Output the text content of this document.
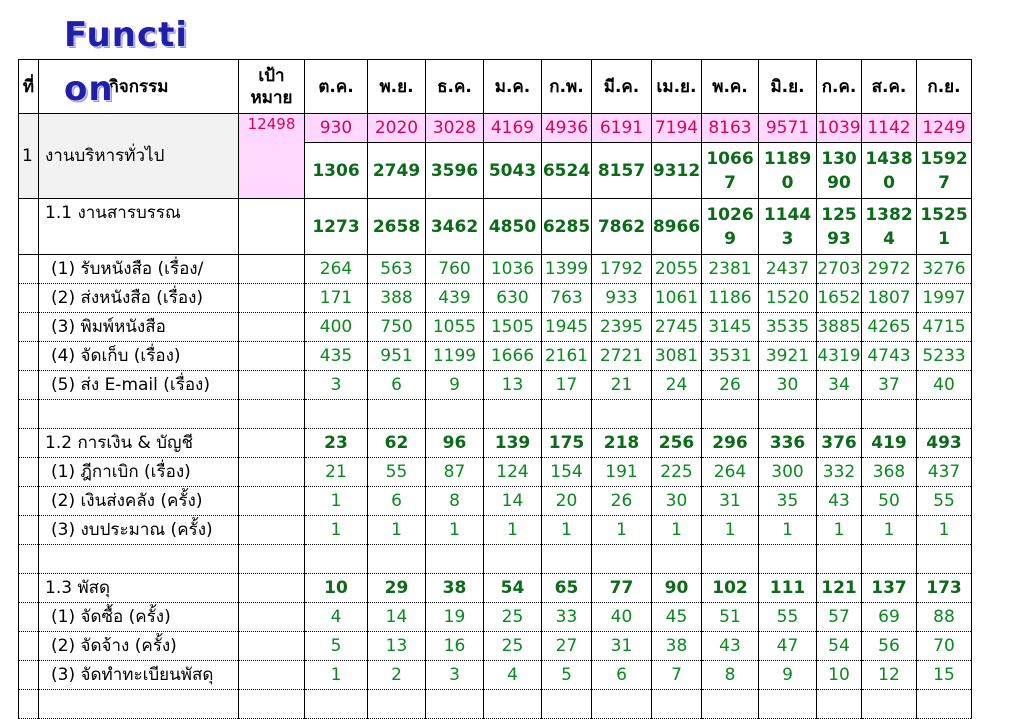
Function
ที่	กิจกรรม	เป้าหมาย	ต.ค.	พ.ย.	ธ.ค.	ม.ค.	ก.พ.	มี.ค.	เม.ย.	พ.ค.	มิ.ย.	ก.ค.	ส.ค.	ก.ย.
1	งานบริหารทั่วไป	12498	930	2020	3028	4169	4936	6191	7194	8163	9571	1039	1142	1249
			1306	2749	3596	5043	6524	8157	9312	10667	11890	13090	14380	15927
	1.1 งานสารบรรณ		1273	2658	3462	4850	6285	7862	8966	10269	11443	12593	13824	15251
	(1) รับหนังสือ (เรื่อง/		264	563	760	1036	1399	1792	2055	2381	2437	2703	2972	3276
	(2) ส่งหนังสือ (เรื่อง)		171	388	439	630	763	933	1061	1186	1520	1652	1807	1997
	(3) พิมพ์หนังสือ		400	750	1055	1505	1945	2395	2745	3145	3535	3885	4265	4715
	(4) จัดเก็บ (เรื่อง)		435	951	1199	1666	2161	2721	3081	3531	3921	4319	4743	5233
	(5) ส่ง E-mail (เรื่อง)		3	6	9	13	17	21	24	26	30	34	37	40

	1.2 การเงิน & บัญชี		23	62	96	139	175	218	256	296	336	376	419	493
	(1) ฎีกาเบิก (เรื่อง)		21	55	87	124	154	191	225	264	300	332	368	437
	(2) เงินส่งคลัง (ครั้ง)		1	6	8	14	20	26	30	31	35	43	50	55
	(3) งบประมาณ (ครั้ง)		1	1	1	1	1	1	1	1	1	1	1	1

	1.3 พัสดุ		10	29	38	54	65	77	90	102	111	121	137	173
	(1) จัดซื้อ (ครั้ง)		4	14	19	25	33	40	45	51	55	57	69	88
	(2) จัดจ้าง (ครั้ง)		5	13	16	25	27	31	38	43	47	54	56	70
	(3) จัดทำทะเบียนพัสดุ		1	2	3	4	5	6	7	8	9	10	12	15
